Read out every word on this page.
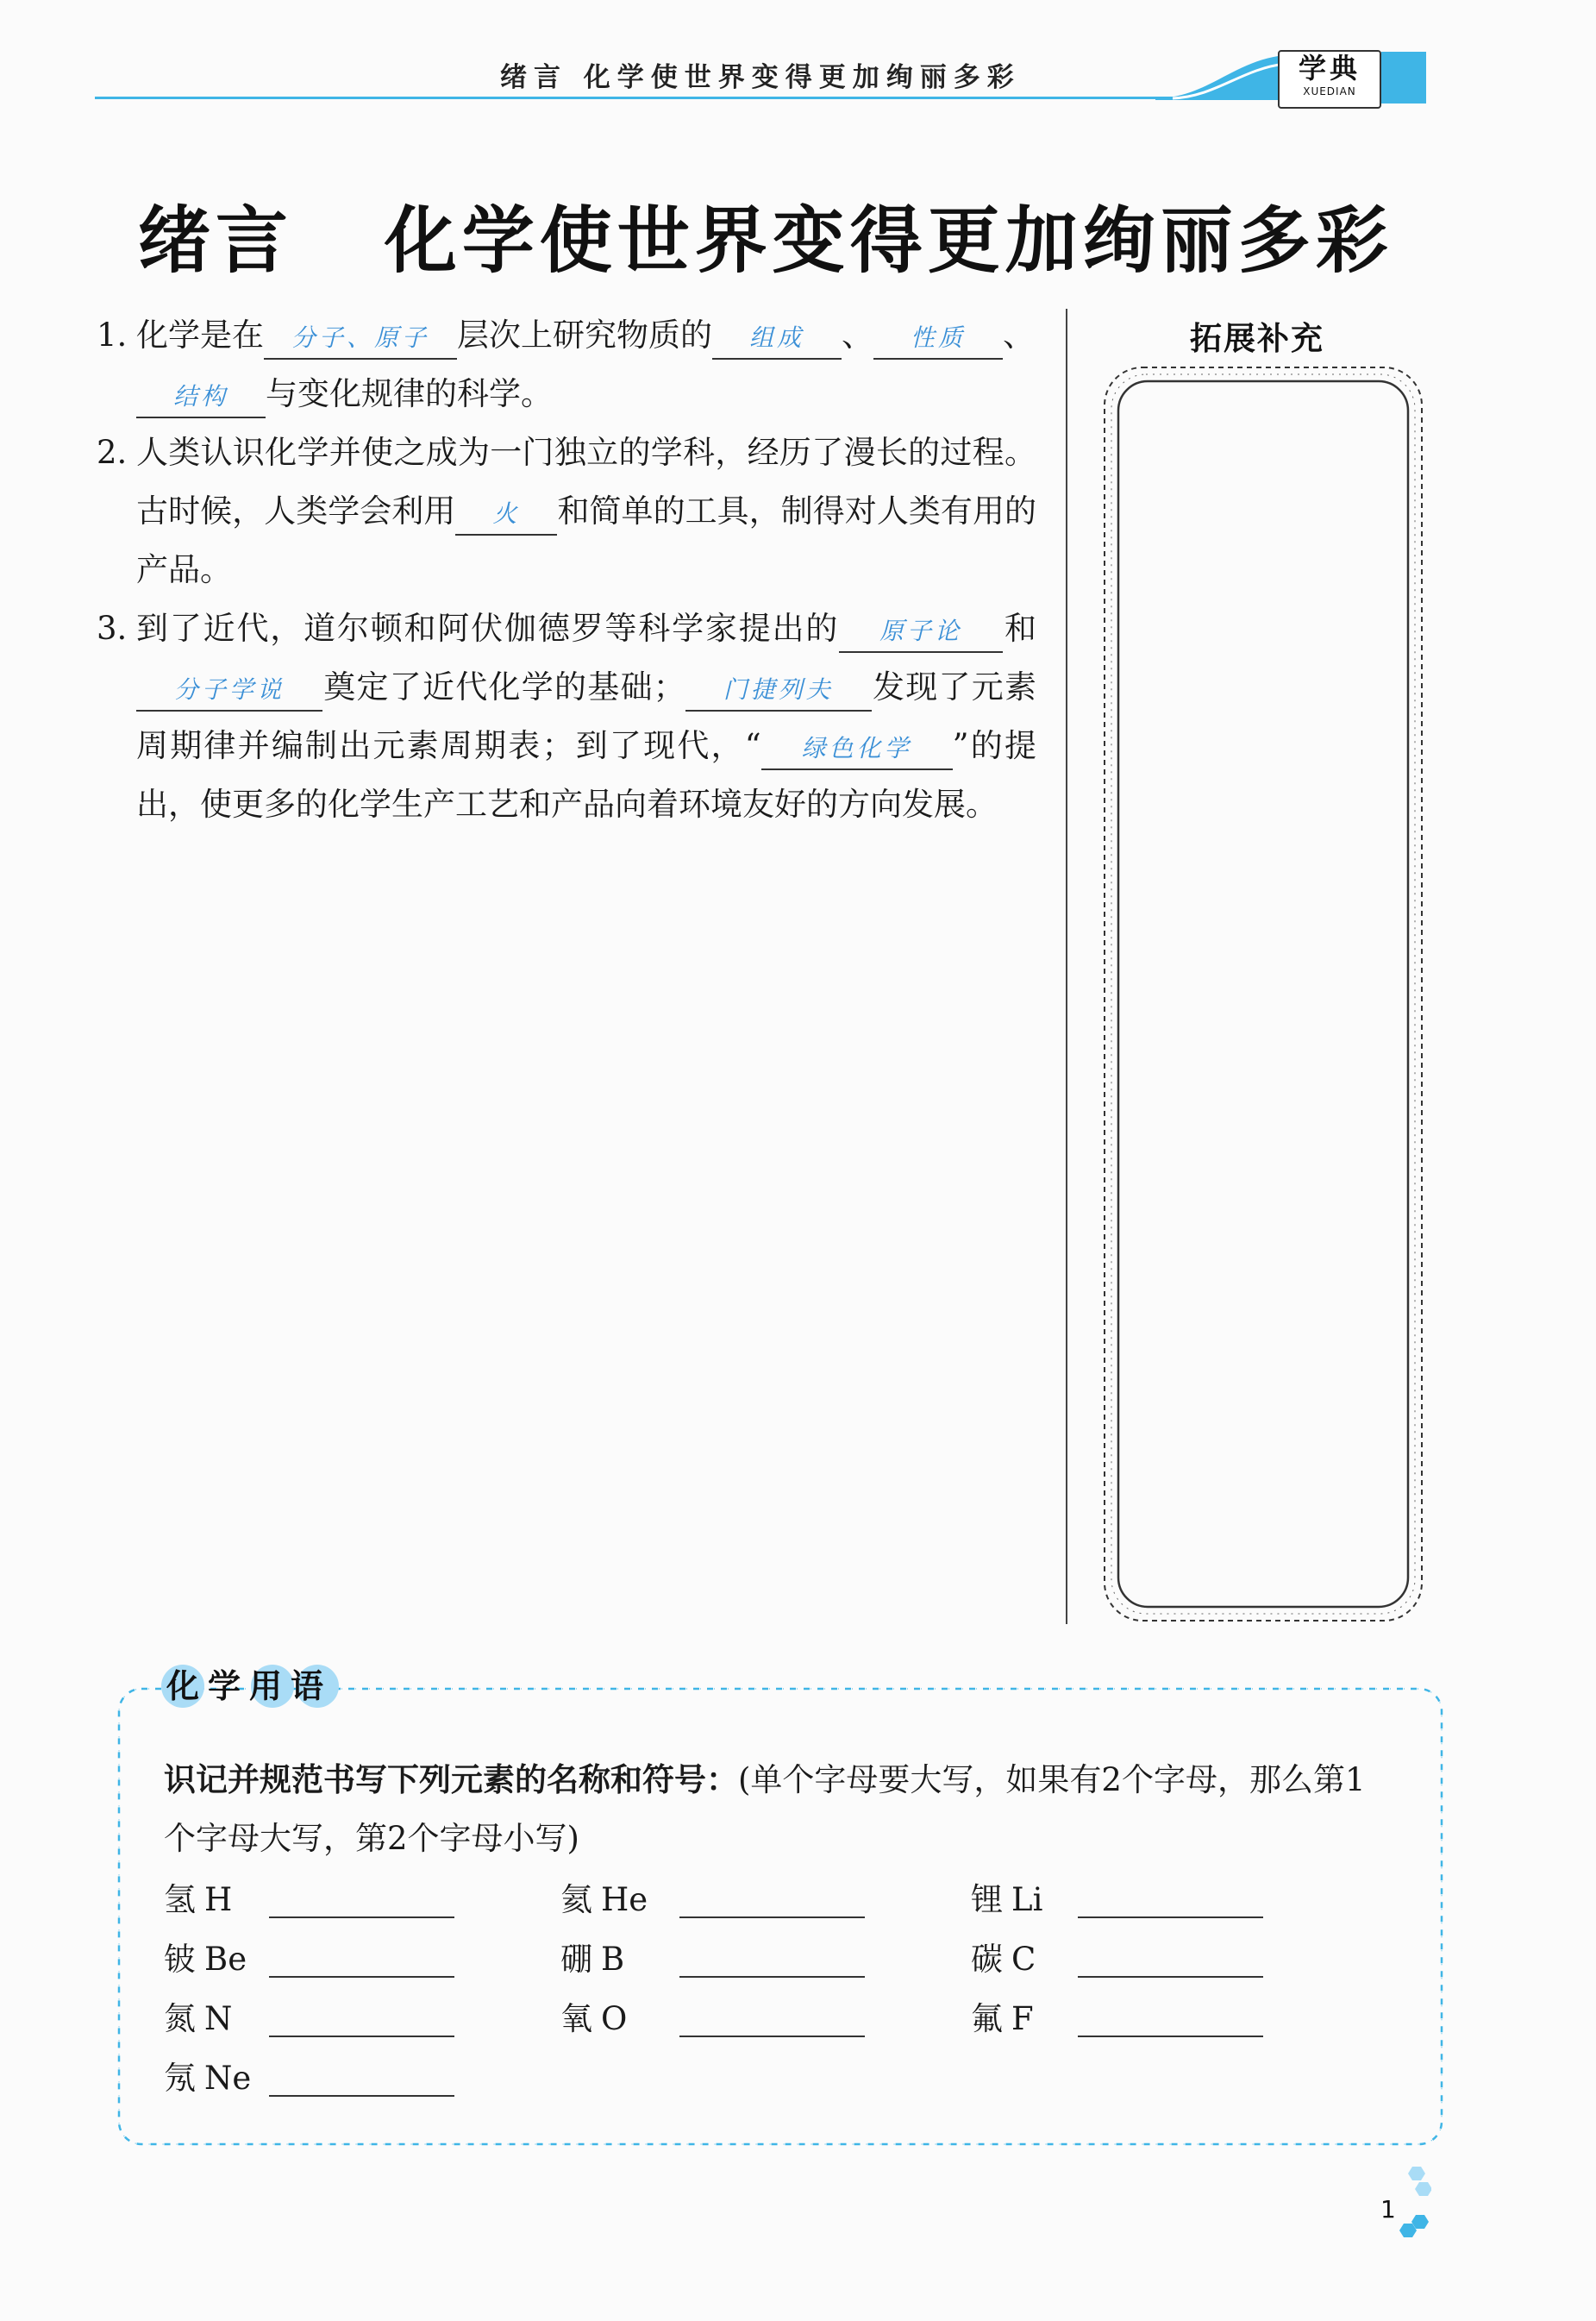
绪言 化学使世界变得更加绚丽多彩	学典
XUEDIAN
绪言   化学使世界变得更加绚丽多彩
1. 化学是在 分子、原子 层次上研究物质的 组成 、 性质 、
结构 与变化规律的科学。
2. 人类认识化学并使之成为一门独立的学科，经历了漫长的过程。古时候，人类学会利用 火 和简单的工具，制得对人类有用的产品。
3. 到了近代，道尔顿和阿伏伽德罗等科学家提出的 原子论 和分子学说 奠定了近代化学的基础； 门捷列夫 发现了元素周期律并编制出元素周期表；到了现代，“ 绿色化学 ”的提出，使更多的化学生产工艺和产品向着环境友好的方向发展。
拓展补充
化学用语
识记并规范书写下列元素的名称和符号：(单个字母要大写，如果有2个字母，那么第1个字母大写，第2个字母小写)
氢 H	氦 He	锂 Li
铍 Be	硼 B	碳 C
氮 N	氧 O	氟 F
氖 Ne
1
